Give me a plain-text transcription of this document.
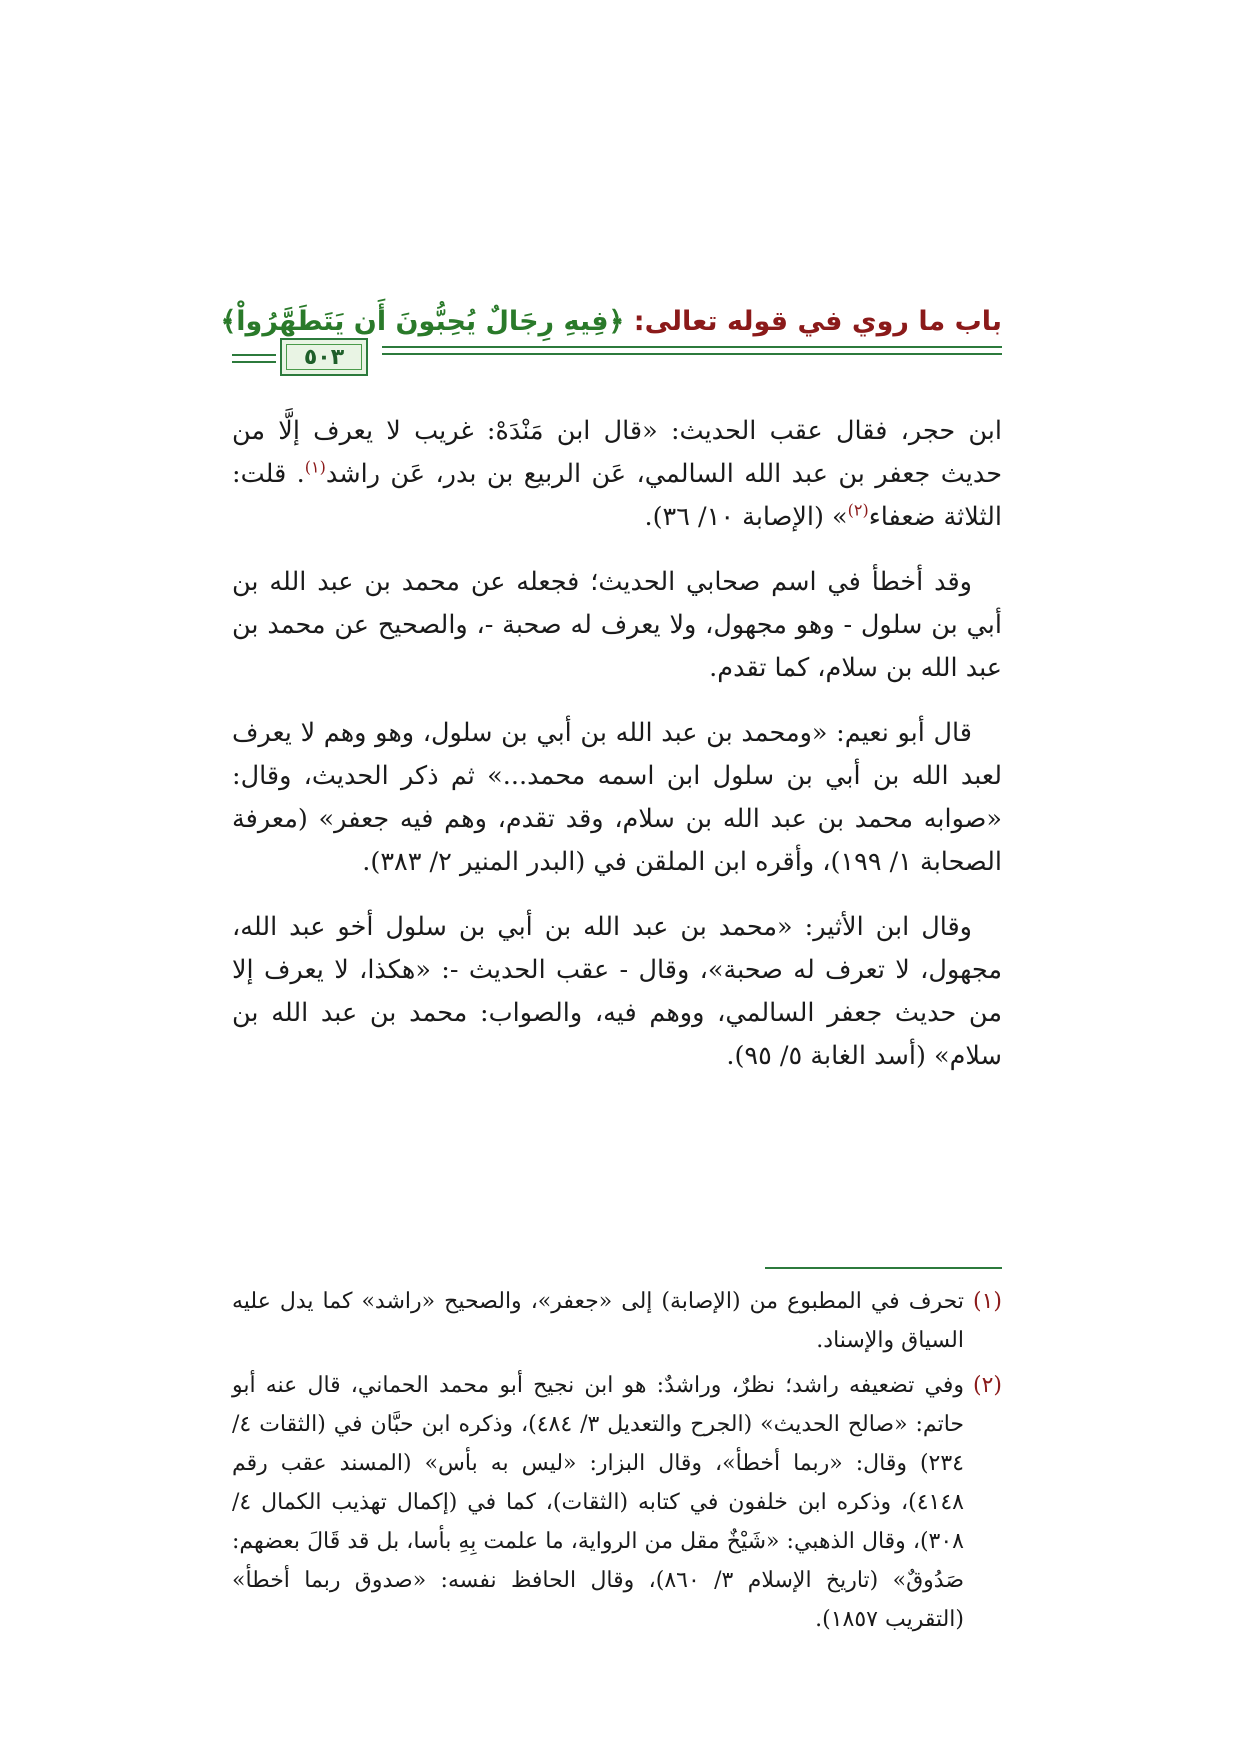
باب ما روي في قوله تعالى: ﴿فِيهِ رِجَالٌ يُحِبُّونَ أَن يَتَطَهَّرُواْ﴾
٥٠٣

ابن حجر، فقال عقب الحديث: «قال ابن مَنْدَهْ: غريب لا يعرف إلَّا من حديث جعفر بن عبد الله السالمي، عَن الربيع بن بدر، عَن راشد$^{(١)}$. قلت: الثلاثة ضعفاء$^{(٢)}$» (الإصابة ١٠/ ٣٦).

وقد أخطأ في اسم صحابي الحديث؛ فجعله عن محمد بن عبد الله بن أبي بن سلول - وهو مجهول، ولا يعرف له صحبة -، والصحيح عن محمد بن عبد الله بن سلام، كما تقدم.

قال أبو نعيم: «ومحمد بن عبد الله بن أبي بن سلول، وهو وهم لا يعرف لعبد الله بن أبي بن سلول ابن اسمه محمد...» ثم ذكر الحديث، وقال: «صوابه محمد بن عبد الله بن سلام، وقد تقدم، وهم فيه جعفر» (معرفة الصحابة ١/ ١٩٩)، وأقره ابن الملقن في (البدر المنير ٢/ ٣٨٣).

وقال ابن الأثير: «محمد بن عبد الله بن أبي بن سلول أخو عبد الله، مجهول، لا تعرف له صحبة»، وقال - عقب الحديث -: «هكذا، لا يعرف إلا من حديث جعفر السالمي، ووهم فيه، والصواب: محمد بن عبد الله بن سلام» (أسد الغابة ٥/ ٩٥).

(١)
تحرف في المطبوع من (الإصابة) إلى «جعفر»، والصحيح «راشد» كما يدل عليه السياق والإسناد.
(٢)
وفي تضعيفه راشد؛ نظرٌ، وراشدٌ: هو ابن نجيح أبو محمد الحماني، قال عنه أبو حاتم: «صالح الحديث» (الجرح والتعديل ٣/ ٤٨٤)، وذكره ابن حبَّان في (الثقات ٤/ ٢٣٤) وقال: «ربما أخطأ»، وقال البزار: «ليس به بأس» (المسند عقب رقم ٤١٤٨)، وذكره ابن خلفون في كتابه (الثقات)، كما في (إكمال تهذيب الكمال ٤/ ٣٠٨)، وقال الذهبي: «شَيْخٌ مقل من الرواية، ما علمت بِهِ بأسا، بل قد قَالَ بعضهم: صَدُوقٌ» (تاريخ الإسلام ٣/ ٨٦٠)، وقال الحافظ نفسه: «صدوق ربما أخطأ» (التقريب ١٨٥٧).
